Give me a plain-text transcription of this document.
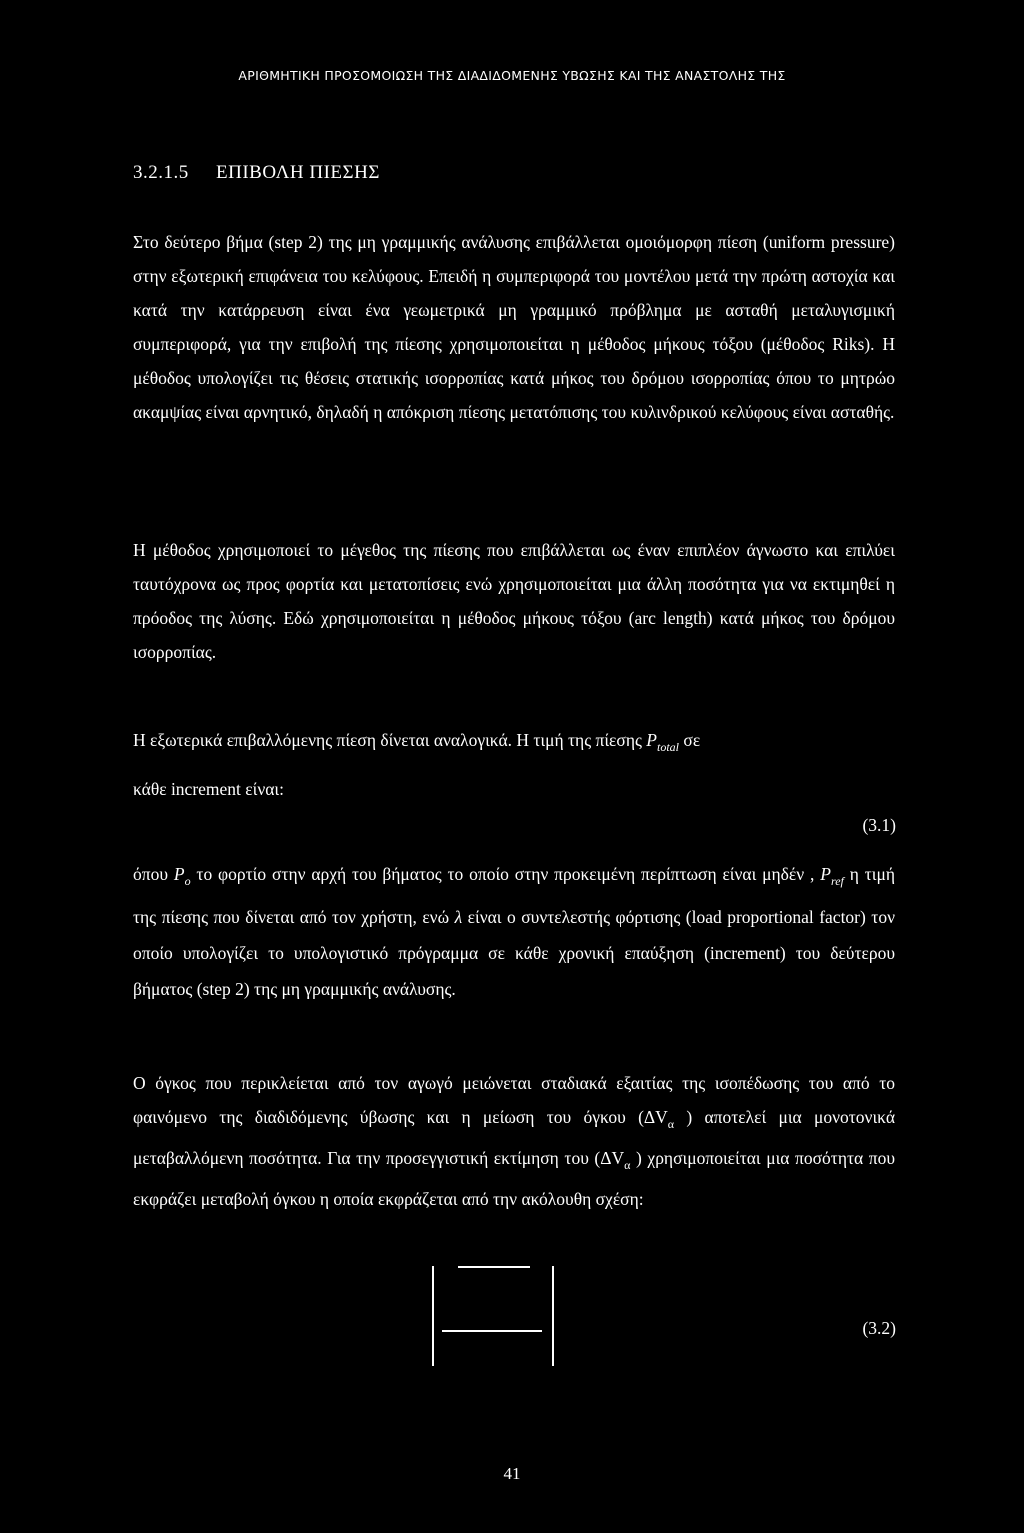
ΑΡΙΘΜΗΤΙΚΗ ΠΡΟΣΟΜΟΙΩΣΗ ΤΗΣ ΔΙΑΔΙΔΟΜΕΝΗΣ ΥΒΩΣΗΣ ΚΑΙ ΤΗΣ ΑΝΑΣΤΟΛΗΣ ΤΗΣ
3.2.1.5 ΕΠΙΒΟΛΗ ΠΙΕΣΗΣ

Στο δεύτερο βήμα (step 2) της μη γραμμικής ανάλυσης επιβάλλεται ομοιόμορφη πίεση (uniform pressure) στην εξωτερική επιφάνεια του κελύφους. Επειδή η συμπεριφορά του μοντέλου μετά την πρώτη αστοχία και κατά την κατάρρευση είναι ένα γεωμετρικά μη γραμμικό πρόβλημα με ασταθή μεταλυγισμική συμπεριφορά, για την επιβολή της πίεσης χρησιμοποιείται η μέθοδος μήκους τόξου (μέθοδος Riks). Η μέθοδος υπολογίζει τις θέσεις στατικής ισορροπίας κατά μήκος του δρόμου ισορροπίας όπου το μητρώο ακαμψίας είναι αρνητικό, δηλαδή η απόκριση πίεσης μετατόπισης του κυλινδρικού κελύφους είναι ασταθής.

Η μέθοδος χρησιμοποιεί το μέγεθος της πίεσης που επιβάλλεται ως έναν επιπλέον άγνωστο και επιλύει ταυτόχρονα ως προς φορτία και μετατοπίσεις ενώ χρησιμοποιείται μια άλλη ποσότητα για να εκτιμηθεί η πρόοδος της λύσης. Εδώ χρησιμοποιείται η μέθοδος μήκους τόξου (arc length) κατά μήκος του δρόμου ισορροπίας.

Η εξωτερικά επιβαλλόμενης πίεση δίνεται αναλογικά. Η τιμή της πίεσης $P_{total}$ σε

κάθε increment είναι:

(3.1)

όπου $P_o$ το φορτίο στην αρχή του βήματος το οποίο στην προκειμένη περίπτωση είναι μηδέν , $P_{ref}$ η τιμή της πίεσης που δίνεται από τον χρήστη, ενώ λ είναι ο συντελεστής φόρτισης (load proportional factor) τον οποίο υπολογίζει το υπολογιστικό πρόγραμμα σε κάθε χρονική επαύξηση (increment) του δεύτερου βήματος (step 2) της μη γραμμικής ανάλυσης.

Ο όγκος που περικλείεται από τον αγωγό μειώνεται σταδιακά εξαιτίας της ισοπέδωσης του από το φαινόμενο της διαδιδόμενης ύβωσης και η μείωση του όγκου ($\Delta V_\alpha$ ) αποτελεί μια μονοτονικά μεταβαλλόμενη ποσότητα. Για την προσεγγιστική εκτίμηση του ($\Delta V_\alpha$ ) χρησιμοποιείται μια ποσότητα που εκφράζει μεταβολή όγκου η οποία εκφράζεται από την ακόλουθη σχέση:

(3.2)
41
